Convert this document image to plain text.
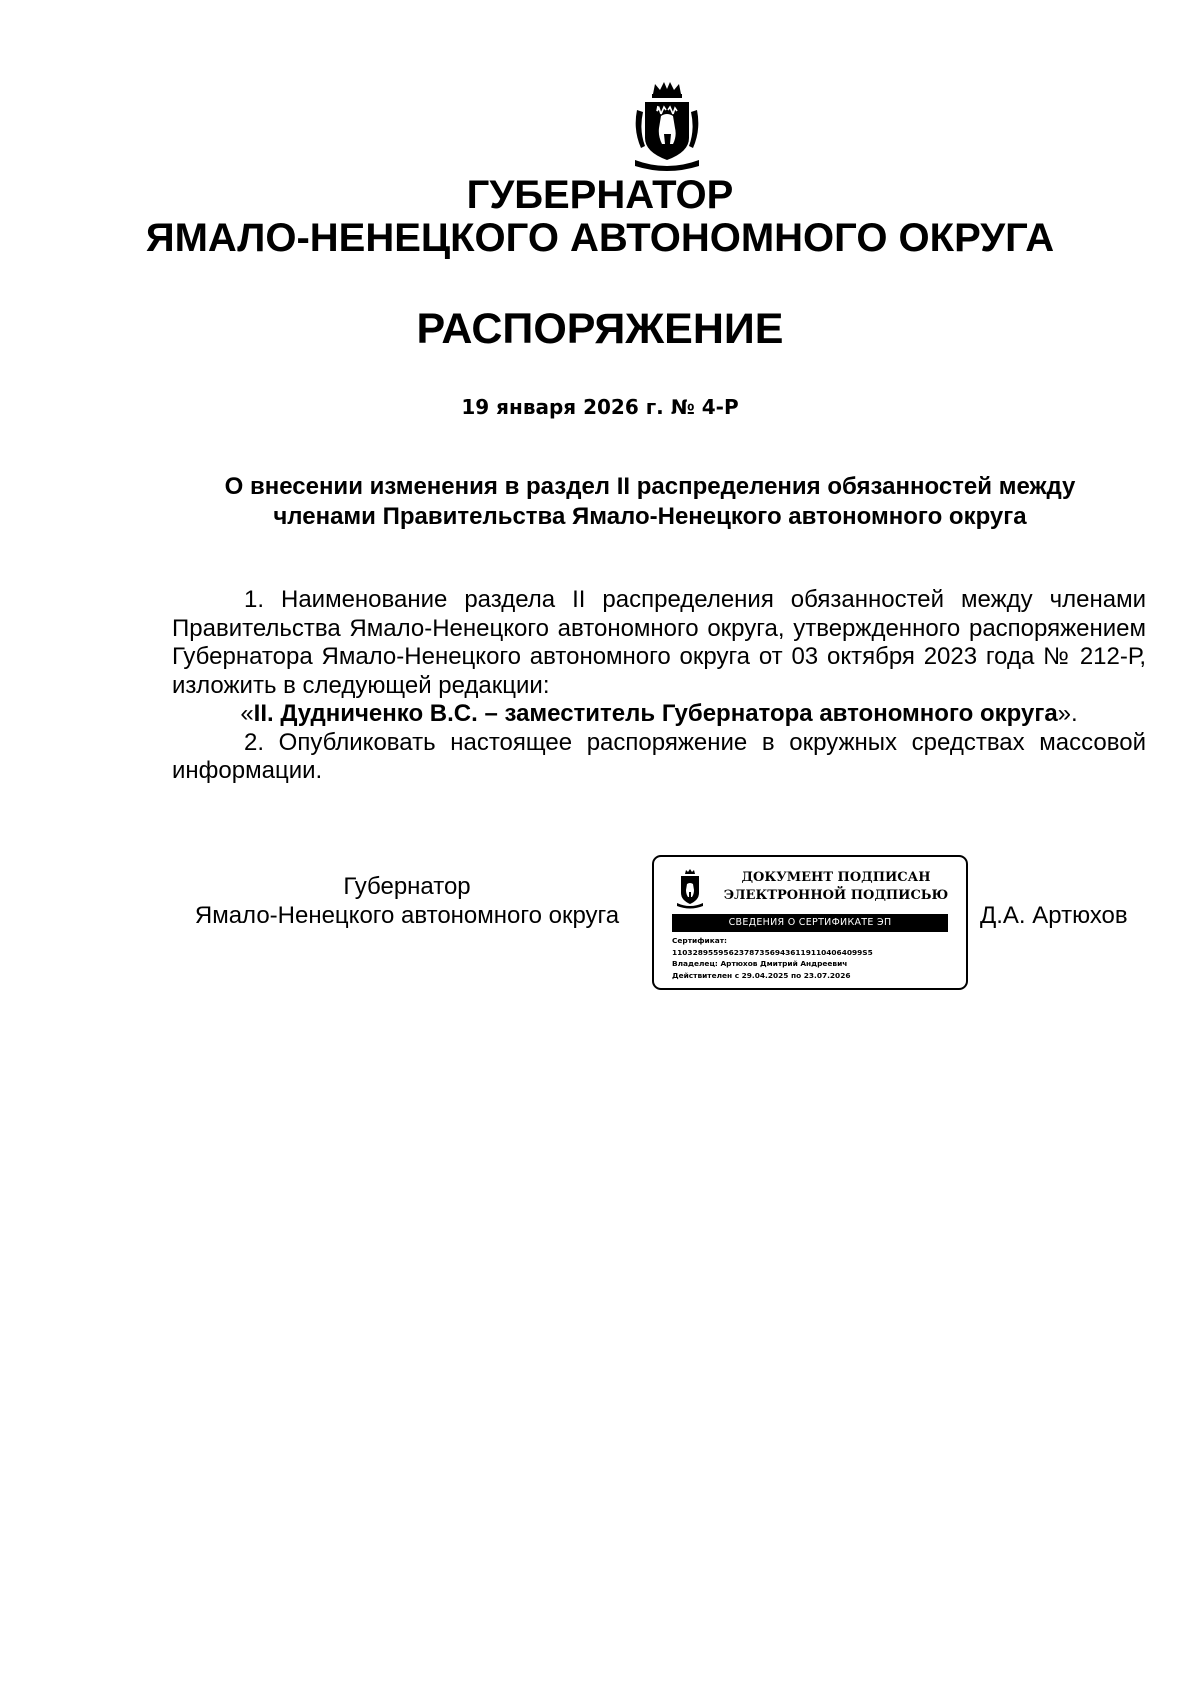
ГУБЕРНАТОР
ЯМАЛО-НЕНЕЦКОГО АВТОНОМНОГО ОКРУГА
РАСПОРЯЖЕНИЕ
19 января 2026 г. № 4-Р
О внесении изменения в раздел II распределения обязанностей между
членами Правительства Ямало-Ненецкого автономного округа

1. Наименование раздела II распределения обязанностей между членами Правительства Ямало-Ненецкого автономного округа, утвержденного распоряжением Губернатора Ямало-Ненецкого автономного округа от 03 октября 2023 года № 212-Р, изложить в следующей редакции:

«II. Дудниченко В.С. – заместитель Губернатора автономного округа».

2. Опубликовать настоящее распоряжение в окружных средствах массовой информации.

Губернатор
Ямало-Ненецкого автономного округа
ДОКУМЕНТ ПОДПИСАН
ЭЛЕКТРОННОЙ ПОДПИСЬЮ
СВЕДЕНИЯ О СЕРТИФИКАТЕ ЭП
Сертификат:
1103289559562378735694361191104064099S5
Владелец: Артюхов Дмитрий Андреевич
Действителен с 29.04.2025 по 23.07.2026
Д.А. Артюхов
